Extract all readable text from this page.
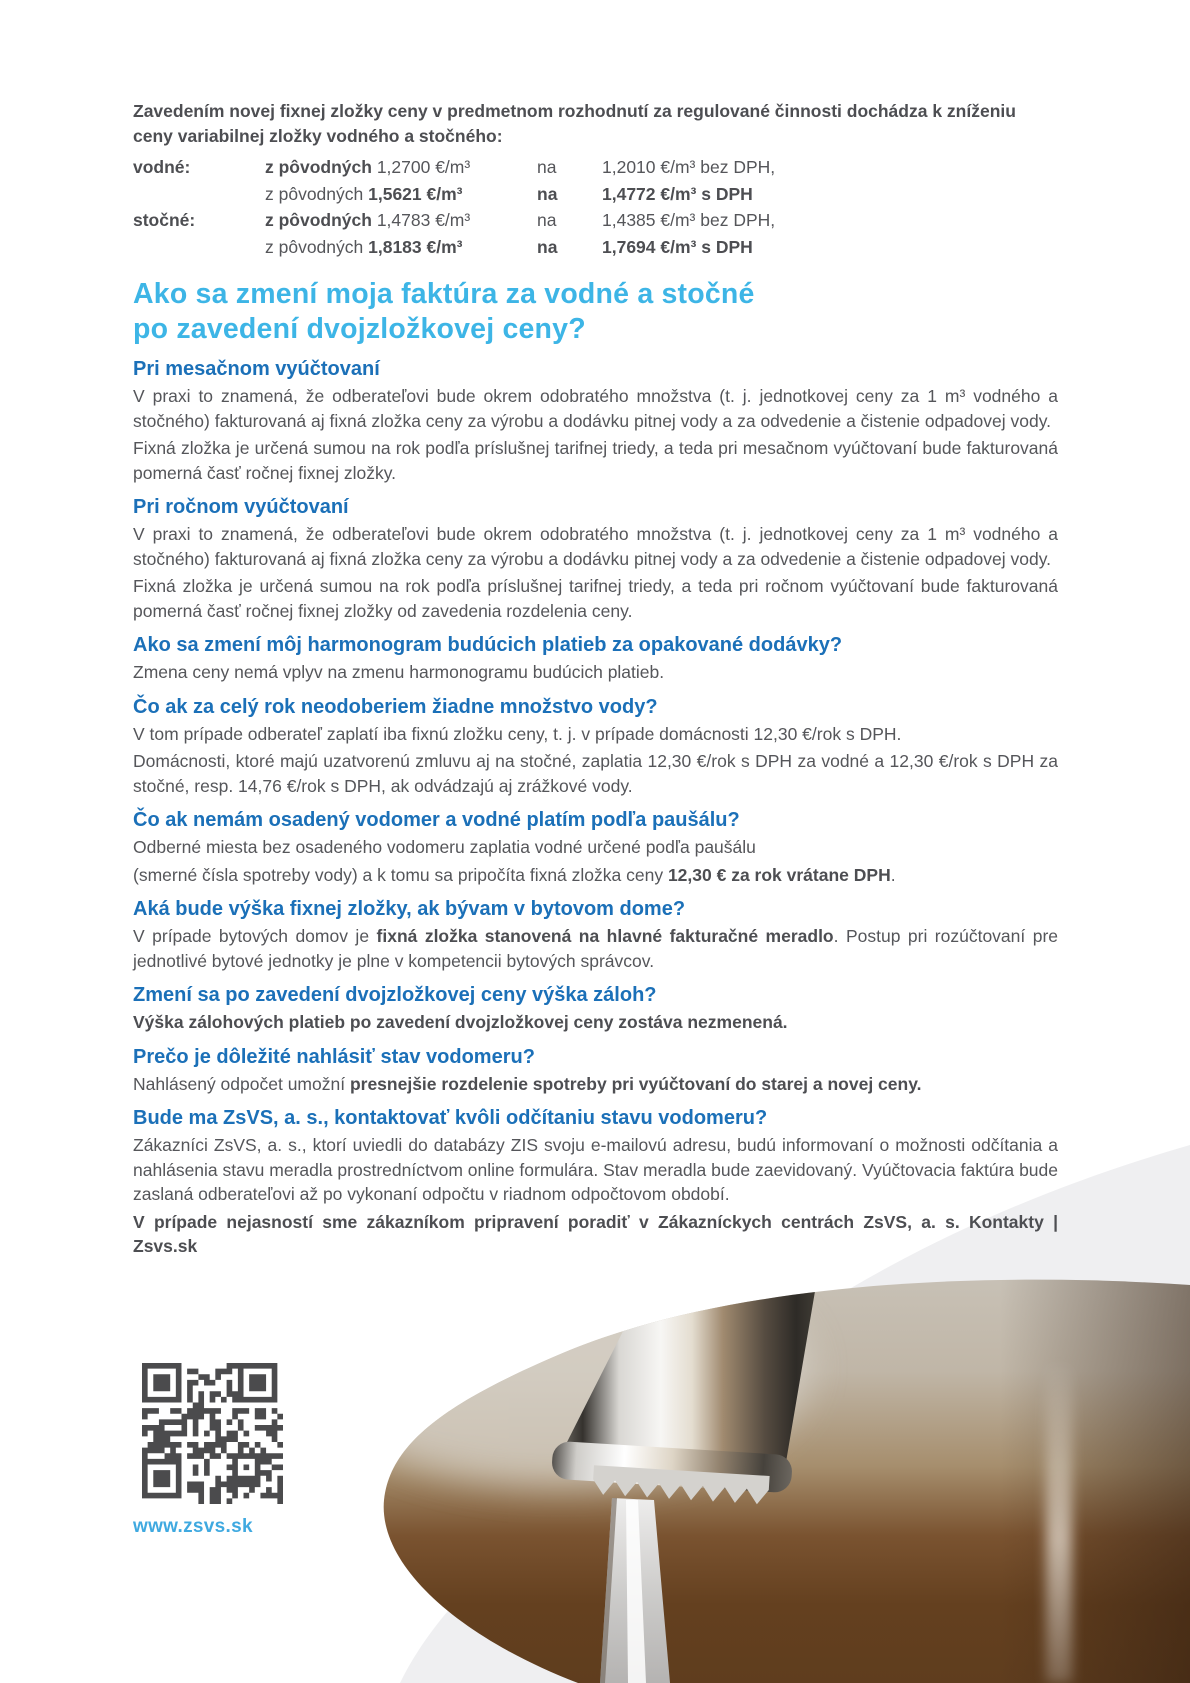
Zavedením novej fixnej zložky ceny v predmetnom rozhodnutí za regulované činnosti dochádza k zníženiu ceny variabilnej zložky vodného a stočného:

vodné:	z pôvodných 1,2700 €/m³	na	1,2010 €/m³ bez DPH,
z pôvodných 1,5621 €/m³	na	1,4772 €/m³ s DPH
stočné:	z pôvodných 1,4783 €/m³	na	1,4385 €/m³ bez DPH,
z pôvodných 1,8183 €/m³	na	1,7694 €/m³ s DPH
Ako sa zmení moja faktúra za vodné a stočné
po zavedení dvojzložkovej ceny?
Pri mesačnom vyúčtovaní

V praxi to znamená, že odberateľovi bude okrem odobratého množstva (t. j. jednotkovej ceny za 1 m³ vodného a stočného) fakturovaná aj fixná zložka ceny za výrobu a dodávku pitnej vody a za odvedenie a čistenie odpadovej vody.

Fixná zložka je určená sumou na rok podľa príslušnej tarifnej triedy, a teda pri mesačnom vyúčtovaní bude fakturovaná pomerná časť ročnej fixnej zložky.

Pri ročnom vyúčtovaní

V praxi to znamená, že odberateľovi bude okrem odobratého množstva (t. j. jednotkovej ceny za 1 m³ vodného a stočného) fakturovaná aj fixná zložka ceny za výrobu a dodávku pitnej vody a za odvedenie a čistenie odpadovej vody.

Fixná zložka je určená sumou na rok podľa príslušnej tarifnej triedy, a teda pri ročnom vyúčtovaní bude fakturovaná pomerná časť ročnej fixnej zložky od zavedenia rozdelenia ceny.

Ako sa zmení môj harmonogram budúcich platieb za opakované dodávky?

Zmena ceny nemá vplyv na zmenu harmonogramu budúcich platieb.

Čo ak za celý rok neodoberiem žiadne množstvo vody?

V tom prípade odberateľ zaplatí iba fixnú zložku ceny, t. j. v prípade domácnosti 12,30 €/rok s DPH.

Domácnosti, ktoré majú uzatvorenú zmluvu aj na stočné, zaplatia 12,30 €/rok s DPH za vodné a 12,30 €/rok s DPH za stočné, resp. 14,76 €/rok s DPH, ak odvádzajú aj zrážkové vody.

Čo ak nemám osadený vodomer a vodné platím podľa paušálu?

Odberné miesta bez osadeného vodomeru zaplatia vodné určené podľa paušálu

(smerné čísla spotreby vody) a k tomu sa pripočíta fixná zložka ceny 12,30 € za rok vrátane DPH.

Aká bude výška fixnej zložky, ak bývam v bytovom dome?

V prípade bytových domov je fixná zložka stanovená na hlavné fakturačné meradlo. Postup pri rozúčtovaní pre jednotlivé bytové jednotky je plne v kompetencii bytových správcov.

Zmení sa po zavedení dvojzložkovej ceny výška záloh?

Výška zálohových platieb po zavedení dvojzložkovej ceny zostáva nezmenená.

Prečo je dôležité nahlásiť stav vodomeru?

Nahlásený odpočet umožní presnejšie rozdelenie spotreby pri vyúčtovaní do starej a novej ceny.

Bude ma ZsVS, a. s., kontaktovať kvôli odčítaniu stavu vodomeru?

Zákazníci ZsVS, a. s., ktorí uviedli do databázy ZIS svoju e-mailovú adresu, budú informovaní o možnosti odčítania a nahlásenia stavu meradla prostredníctvom online formulára. Stav meradla bude zaevidovaný. Vyúčtovacia faktúra bude zaslaná odberateľovi až po vykonaní odpočtu v riadnom odpočtovom období.

V prípade nejasností sme zákazníkom pripravení poradiť v Zákazníckych centrách ZsVS, a. s. Kontakty | Zsvs.sk

www.zsvs.sk
